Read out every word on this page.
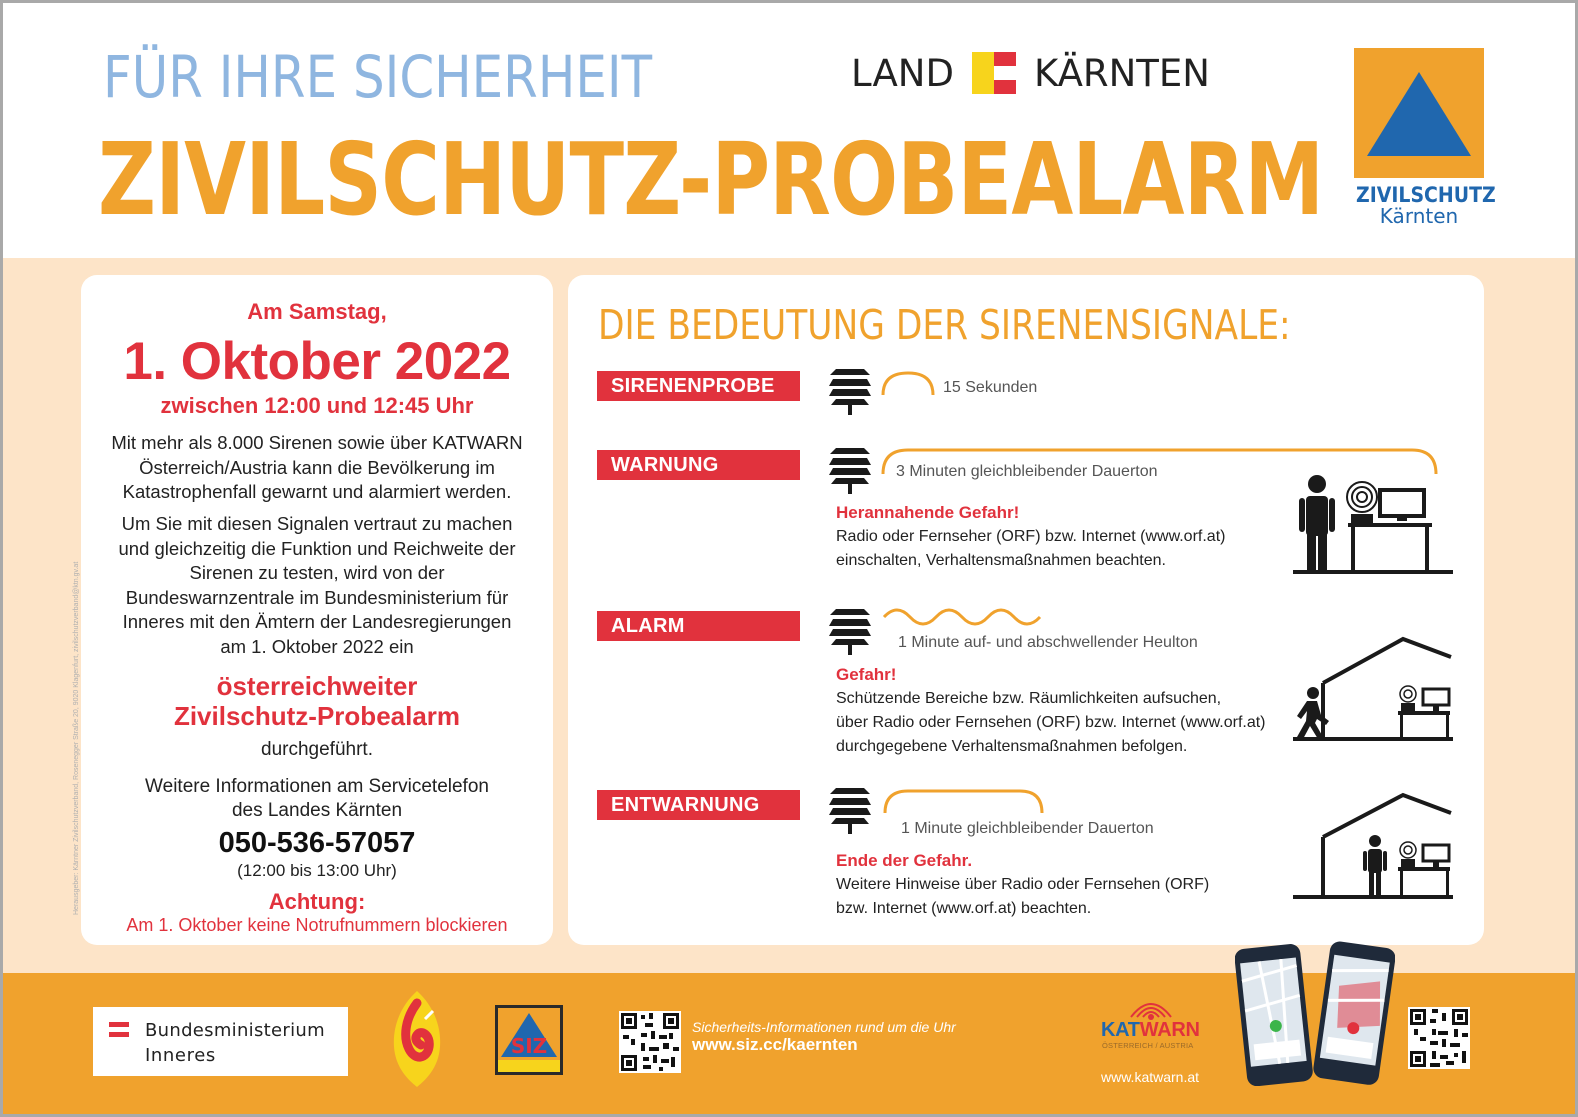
FÜR IHRE SICHERHEIT
ZIVILSCHUTZ-PROBEALARM
LAND KÄRNTEN
ZIVILSCHUTZ
Kärnten
Am Samstag,
1. Oktober 2022
zwischen 12:00 und 12:45 Uhr
Mit mehr als 8.000 Sirenen sowie über KATWARN
Österreich/Austria kann die Bevölkerung im
Katastrophenfall gewarnt und alarmiert werden.
Um Sie mit diesen Signalen vertraut zu machen
und gleichzeitig die Funktion und Reichweite der
Sirenen zu testen, wird von der
Bundeswarnzentrale im Bundesministerium für
Inneres mit den Ämtern der Landesregierungen
am 1. Oktober 2022 ein
österreichweiter
Zivilschutz-Probealarm
durchgeführt.
Weitere Informationen am Servicetelefon
des Landes Kärnten
050-536-57057
(12:00 bis 13:00 Uhr)
Achtung:
Am 1. Oktober keine Notrufnummern blockieren
Herausgeber: Kärntner Zivilschutzverband, Rosenegger Straße 20, 9020 Klagenfurt, zivilschutzverband@ktn.gv.at
DIE BEDEUTUNG DER SIRENENSIGNALE:
SIRENENPROBE	15 Sekunden
WARNUNG	3 Minuten gleichbleibender Dauerton
Herannahende Gefahr!
Radio oder Fernseher (ORF) bzw. Internet (www.orf.at)
einschalten, Verhaltensmaßnahmen beachten.
ALARM
1 Minute auf- und abschwellender Heulton
Gefahr!
Schützende Bereiche bzw. Räumlichkeiten aufsuchen,
über Radio oder Fernsehen (ORF) bzw. Internet (www.orf.at)
durchgegebene Verhaltensmaßnahmen befolgen.
ENTWARNUNG
1 Minute gleichbleibender Dauerton
Ende der Gefahr.
Weitere Hinweise über Radio oder Fernsehen (ORF)
bzw. Internet (www.orf.at) beachten.
Bundesministerium
Inneres	SIZ
Sicherheits-Informationen rund um die Uhr
www.siz.cc/kaernten
KATWARN
ÖSTERREICH / AUSTRIA
www.katwarn.at
